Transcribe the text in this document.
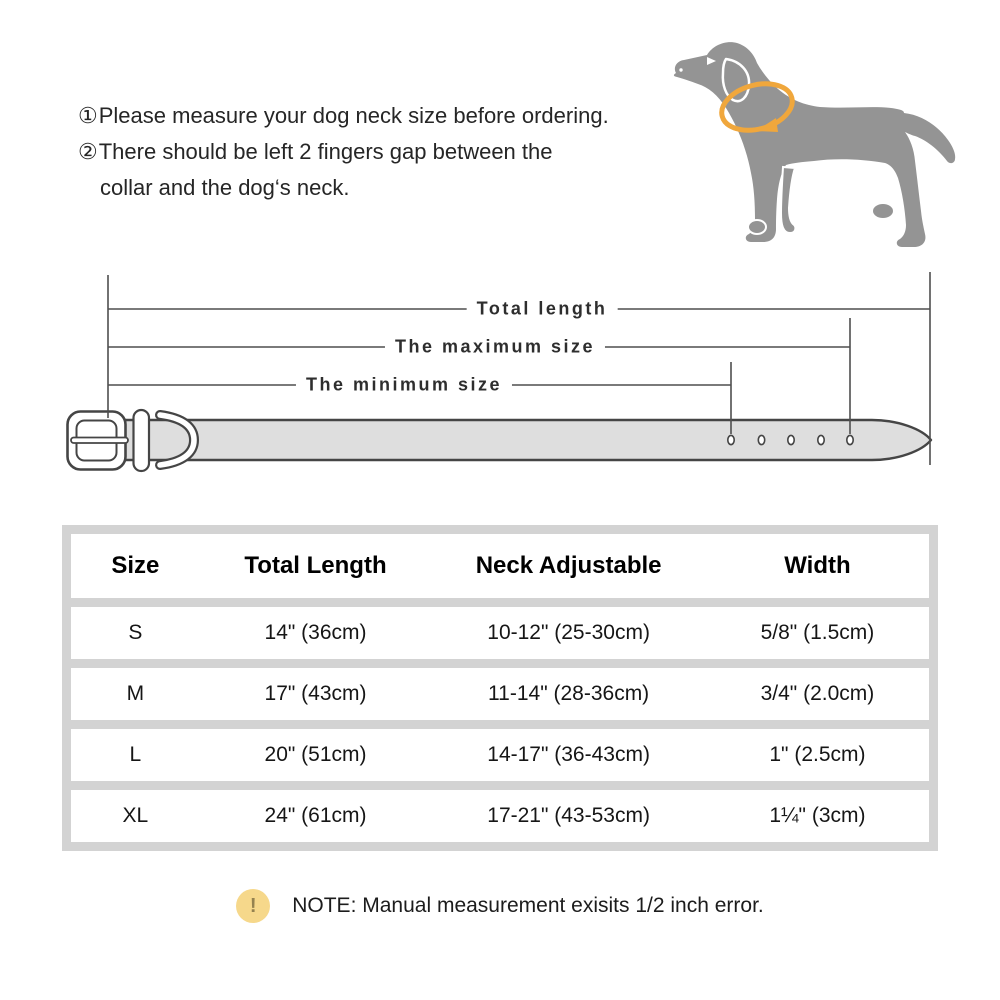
①Please measure your dog neck size before ordering.

②There should be left 2 fingers gap between the

collar and the dog‘s neck.

Total length
The maximum size
The minimum size
Size	Total Length	Neck Adjustable	Width
S	14" (36cm)	10-12" (25-30cm)	5/8" (1.5cm)
M	17" (43cm)	11-14" (28-36cm)	3/4" (2.0cm)
L	20" (51cm)	14-17" (36-43cm)	1" (2.5cm)
XL	24" (61cm)	17-21" (43-53cm)	1¼" (3cm)
!	NOTE: Manual measurement exisits 1/2 inch error.
